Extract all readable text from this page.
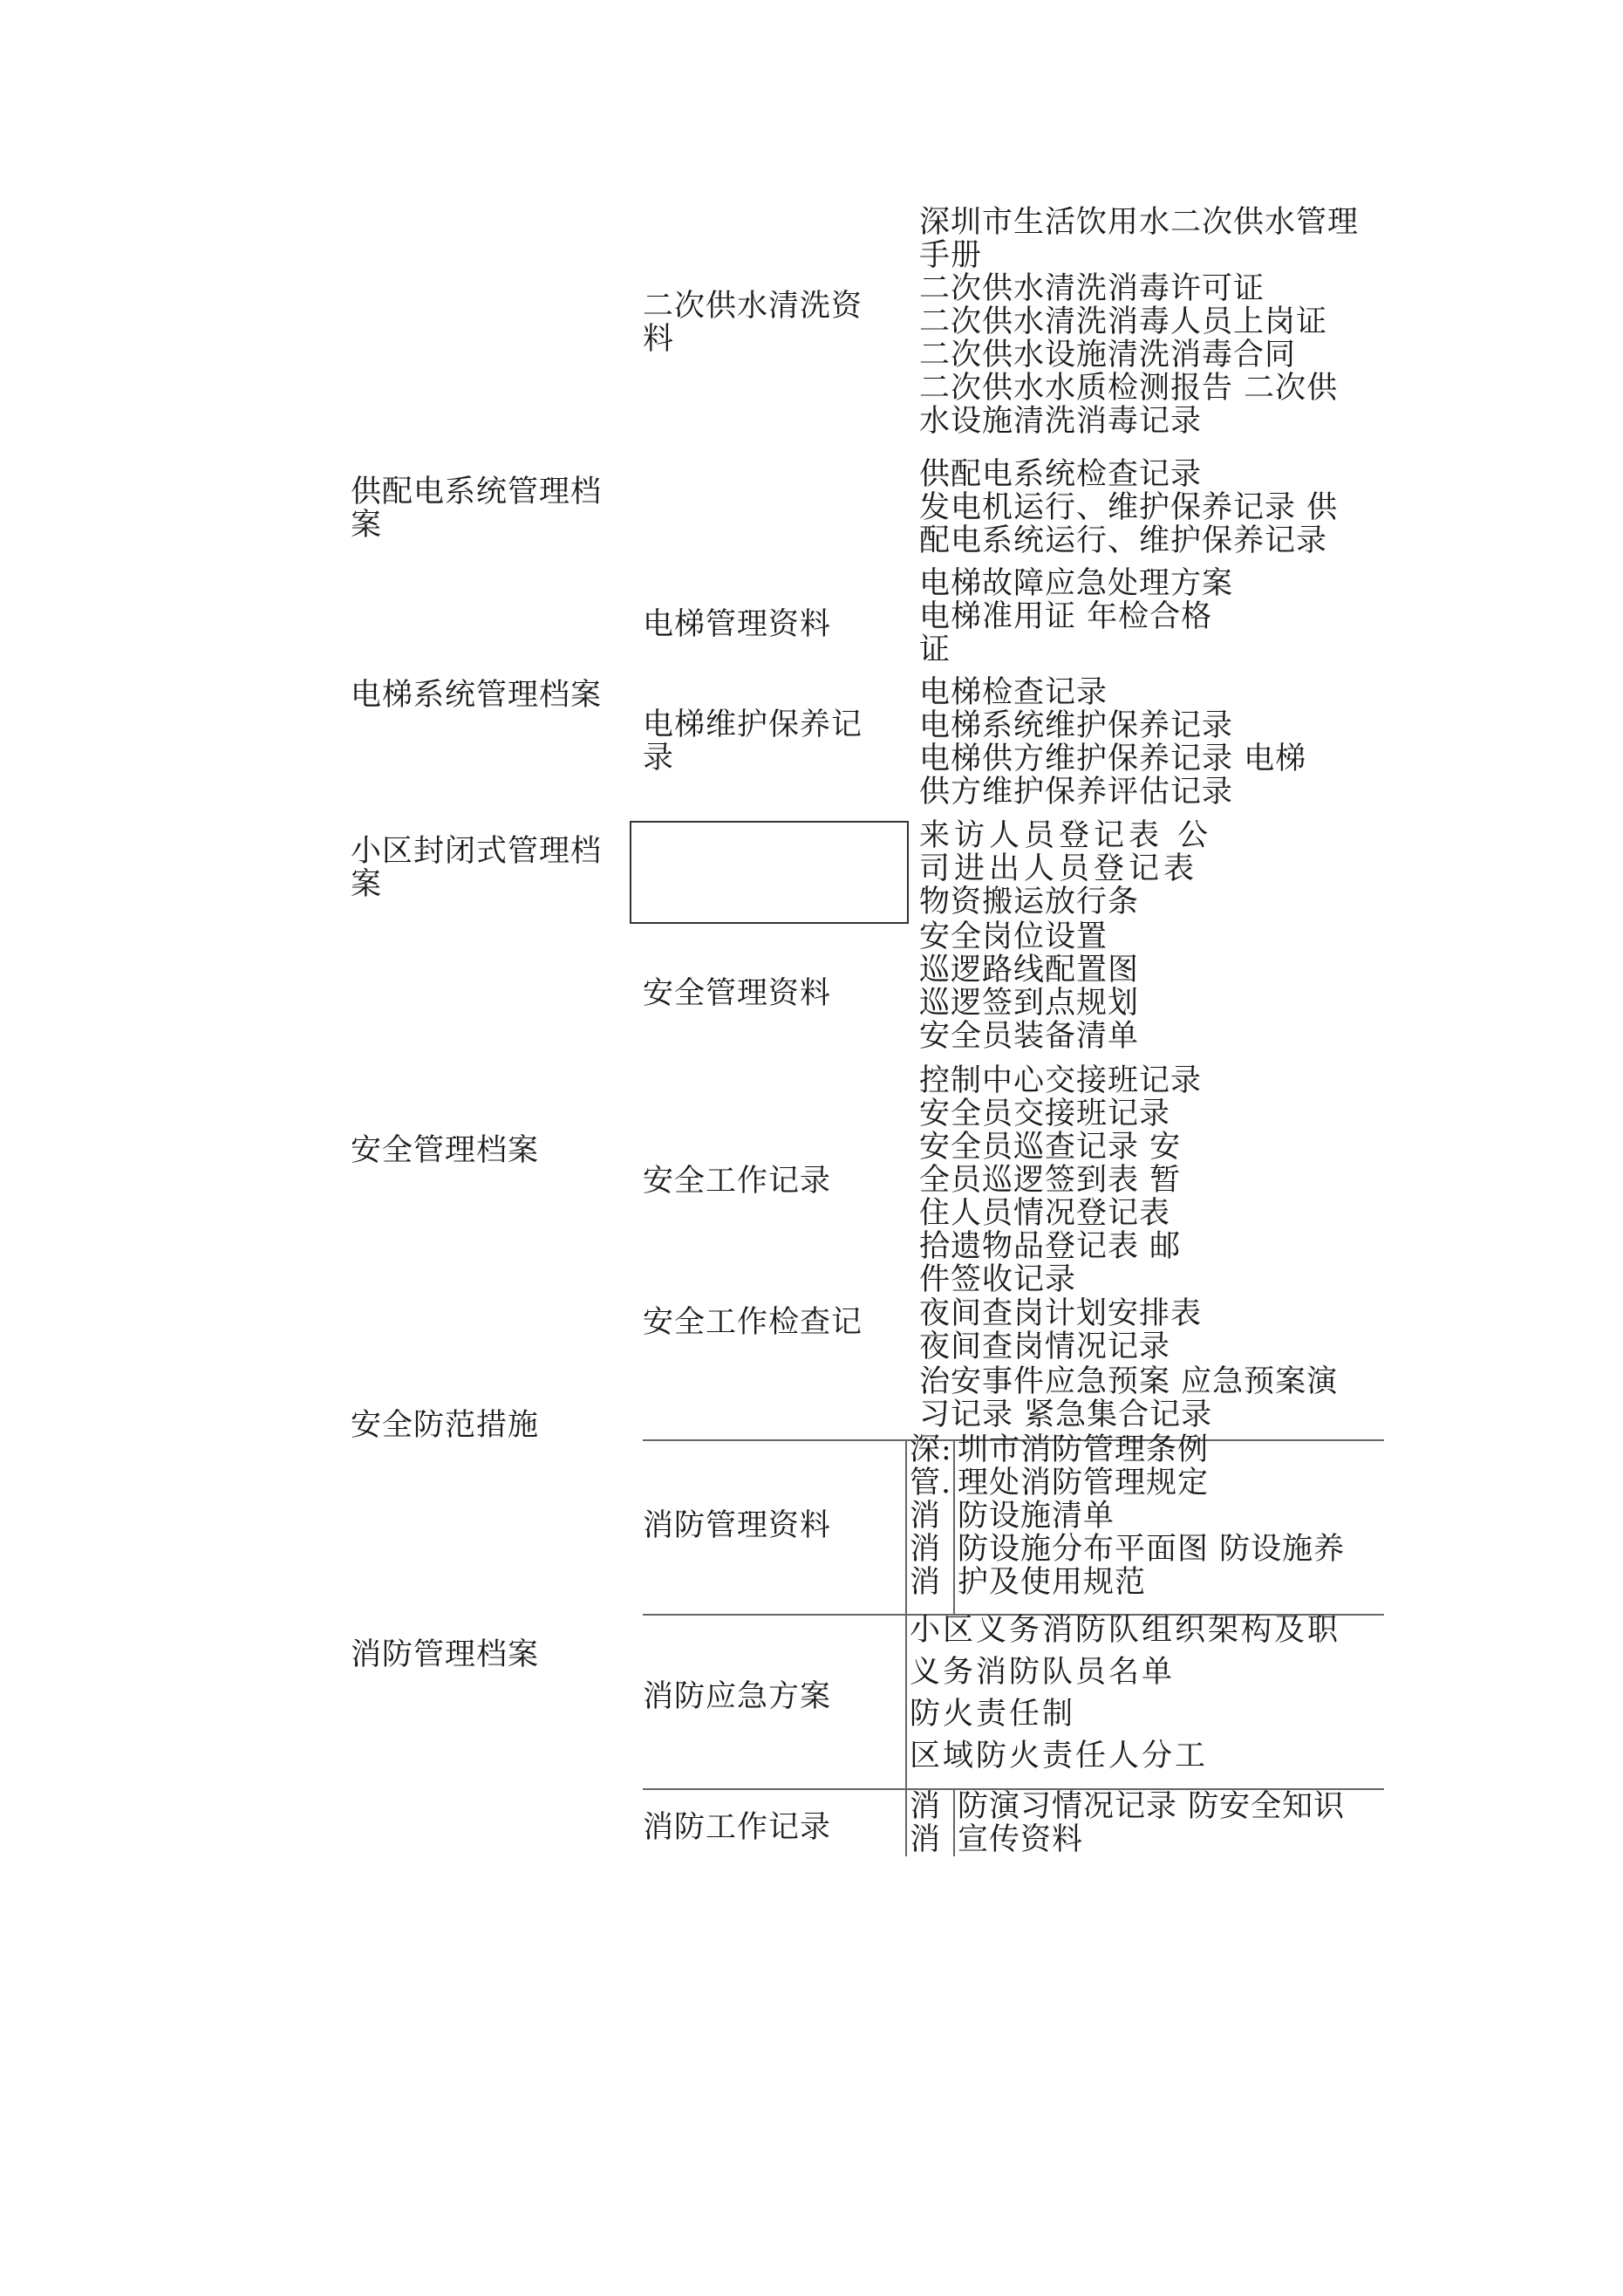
供配电系统管理档
案
电梯系统管理档案
小区封闭式管理档
案
安全管理档案
安全防范措施
消防管理档案
二次供水清洗资
料
电梯管理资料
电梯维护保养记
录
安全管理资料
安全工作记录
安全工作检查记
消防管理资料
消防应急方案
消防工作记录
深圳市生活饮用水二次供水管理
手册
二次供水清洗消毒许可证
二次供水清洗消毒人员上岗证
二次供水设施清洗消毒合同
二次供水水质检测报告 二次供
水设施清洗消毒记录
供配电系统检查记录
发电机运行、维护保养记录 供
配电系统运行、维护保养记录
电梯故障应急处理方案
电梯准用证 年检合格
证
电梯检查记录
电梯系统维护保养记录
电梯供方维护保养记录 电梯
供方维护保养评估记录
来访人员登记表 公
司进出人员登记表
物资搬运放行条
安全岗位设置
巡逻路线配置图
巡逻签到点规划
安全员装备清单
控制中心交接班记录
安全员交接班记录
安全员巡查记录 安
全员巡逻签到表 暂
住人员情况登记表
拾遗物品登记表 邮
件签收记录
夜间查岗计划安排表
夜间查岗情况记录
治安事件应急预案 应急预案演
习记录 紧急集合记录
深:
管.
消
消
消
圳市消防管理条例
理处消防管理规定
防设施清单
防设施分布平面图 防设施养
护及使用规范
小区义务消防队组织架构及职
义务消防队员名单
防火责任制
区域防火责任人分工
消
消
防演习情况记录 防安全知识
宣传资料
